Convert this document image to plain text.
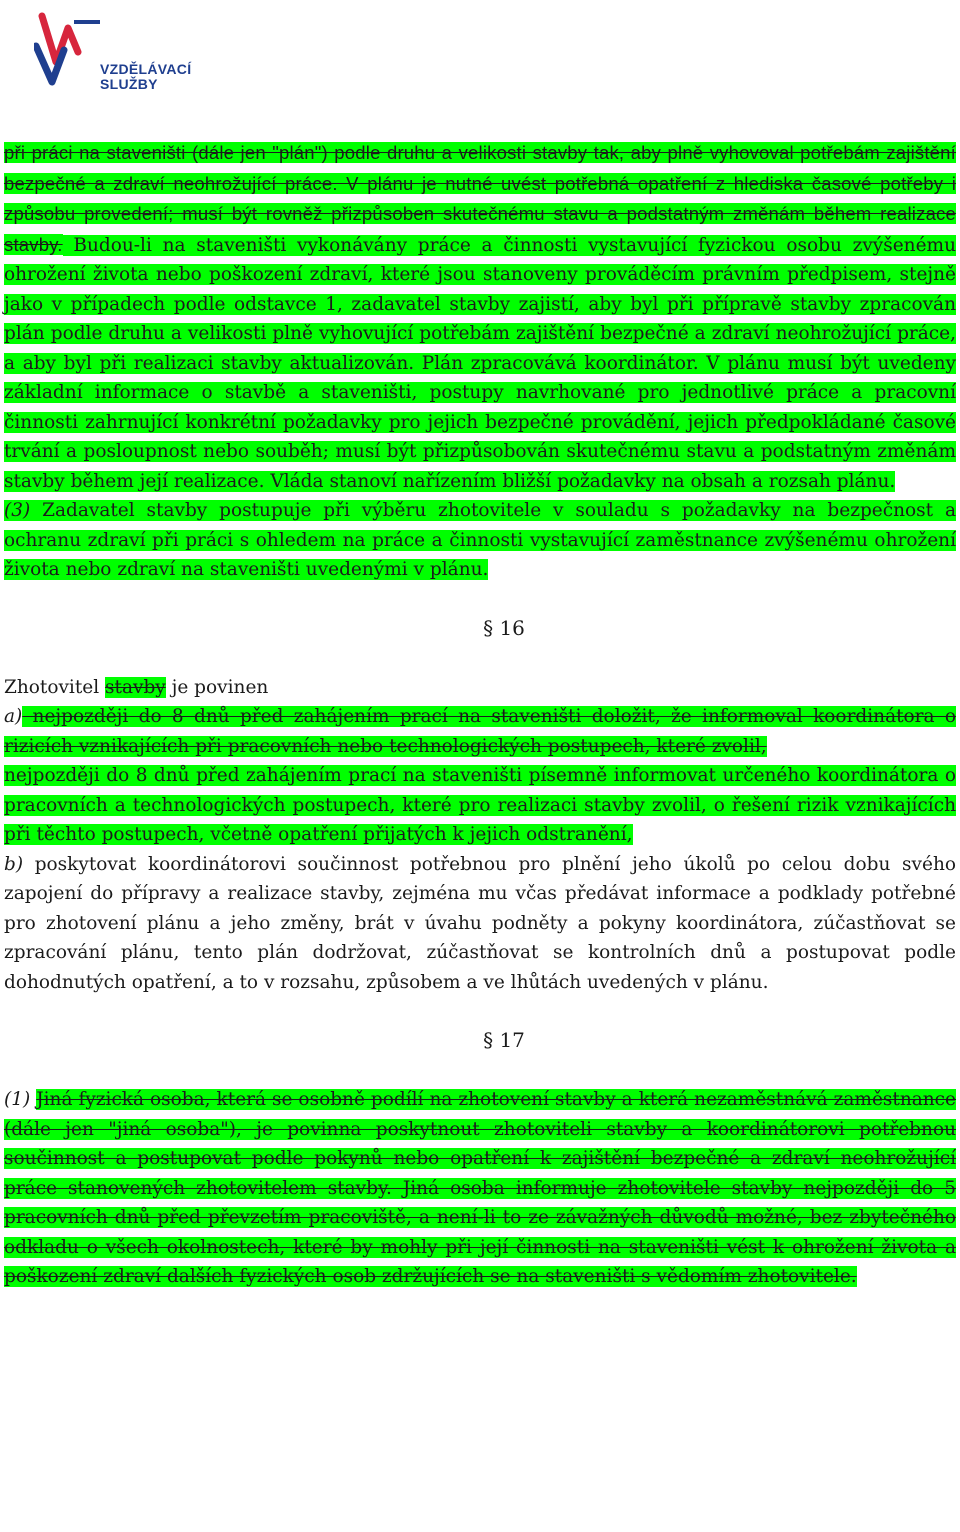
VZDĚLÁVACÍ
SLUŽBY

při práci na staveništi (dále jen "plán") podle druhu a velikosti stavby tak, aby plně vyhovoval potřebám zajištění bezpečné a zdraví neohrožující práce. V plánu je nutné uvést potřebná opatření z hlediska časové potřeby i způsobu provedení; musí být rovněž přizpůsoben skutečnému stavu a podstatným změnám během realizace stavby. Budou-li na staveništi vykonávány práce a činnosti vystavující fyzickou osobu zvýšenému ohrožení života nebo poškození zdraví, které jsou stanoveny prováděcím právním předpisem, stejně jako v případech podle odstavce 1, zadavatel stavby zajistí, aby byl při přípravě stavby zpracován plán podle druhu a velikosti plně vyhovující potřebám zajištění bezpečné a zdraví neohrožující práce, a aby byl při realizaci stavby aktualizován. Plán zpracovává koordinátor. V plánu musí být uvedeny základní informace o stavbě a staveništi, postupy navrhované pro jednotlivé práce a pracovní činnosti zahrnující konkrétní požadavky pro jejich bezpečné provádění, jejich předpokládané časové trvání a posloupnost nebo souběh; musí být přizpůsobován skutečnému stavu a podstatným změnám stavby během její realizace. Vláda stanoví nařízením bližší požadavky na obsah a rozsah plánu.

(3) Zadavatel stavby postupuje při výběru zhotovitele v souladu s požadavky na bezpečnost a ochranu zdraví při práci s ohledem na práce a činnosti vystavující zaměstnance zvýšenému ohrožení života nebo zdraví na staveništi uvedenými v plánu.

§ 16

Zhotovitel stavby je povinen

a) nejpozději do 8 dnů před zahájením prací na staveništi doložit, že informoval koordinátora o rizicích vznikajících při pracovních nebo technologických postupech, které zvolil,

nejpozději do 8 dnů před zahájením prací na staveništi písemně informovat určeného koordinátora o pracovních a technologických postupech, které pro realizaci stavby zvolil, o řešení rizik vznikajících při těchto postupech, včetně opatření přijatých k jejich odstranění,

b) poskytovat koordinátorovi součinnost potřebnou pro plnění jeho úkolů po celou dobu svého zapojení do přípravy a realizace stavby, zejména mu včas předávat informace a podklady potřebné pro zhotovení plánu a jeho změny, brát v úvahu podněty a pokyny koordinátora, zúčastňovat se zpracování plánu, tento plán dodržovat, zúčastňovat se kontrolních dnů a postupovat podle dohodnutých opatření, a to v rozsahu, způsobem a ve lhůtách uvedených v plánu.

§ 17

(1) Jiná fyzická osoba, která se osobně podílí na zhotovení stavby a která nezaměstnává zaměstnance (dále jen "jiná osoba"), je povinna poskytnout zhotoviteli stavby a koordinátorovi potřebnou součinnost a postupovat podle pokynů nebo opatření k zajištění bezpečné a zdraví neohrožující práce stanovených zhotovitelem stavby. Jiná osoba informuje zhotovitele stavby nejpozději do 5 pracovních dnů před převzetím pracoviště, a není-li to ze závažných důvodů možné, bez zbytečného odkladu o všech okolnostech, které by mohly při její činnosti na staveništi vést k ohrožení života a poškození zdraví dalších fyzických osob zdržujících se na staveništi s vědomím zhotovitele.
